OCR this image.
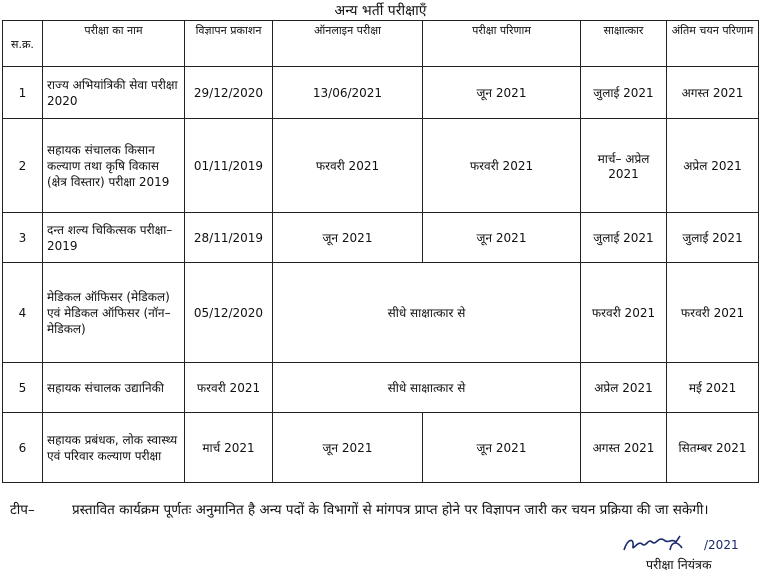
अन्य भर्ती परीक्षाएँ						
स.क्र.	परीक्षा का नाम	विज्ञापन प्रकाशन	ऑनलाइन परीक्षा	परीक्षा परिणाम	साक्षात्कार	अंतिम चयन परिणाम
1	राज्य अभियांत्रिकी सेवा परीक्षा 2020	29/12/2020	13/06/2021	जून 2021	जुलाई 2021	अगस्त 2021
2	सहायक संचालक किसान कल्याण तथा कृषि विकास (क्षेत्र विस्तार) परीक्षा 2019	01/11/2019	फरवरी 2021	फरवरी 2021	मार्च– अप्रेल 2021	अप्रेल 2021
3	दन्त शल्य चिकित्सक परीक्षा–2019	28/11/2019	जून 2021	जून 2021	जुलाई 2021	जुलाई 2021
4	मेडिकल ऑफिसर (मेडिकल) एवं मेडिकल ऑफिसर (नॉन–मेडिकल)	05/12/2020	सीधे साक्षात्कार से		फरवरी 2021	फरवरी 2021
5	सहायक संचालक उद्यानिकी	फरवरी 2021	सीधे साक्षात्कार से		अप्रेल 2021	मई 2021
6	सहायक प्रबंधक, लोक स्वास्थ्य एवं परिवार कल्याण परीक्षा	मार्च 2021	जून 2021	जून 2021	अगस्त 2021	सितम्बर 2021
टीप–	प्रस्तावित कार्यक्रम पूर्णतः अनुमानित है अन्य पदों के विभागों से मांगपत्र प्राप्त होने पर विज्ञापन जारी कर चयन प्रक्रिया की जा सकेगी।
/2021
परीक्षा नियंत्रक
